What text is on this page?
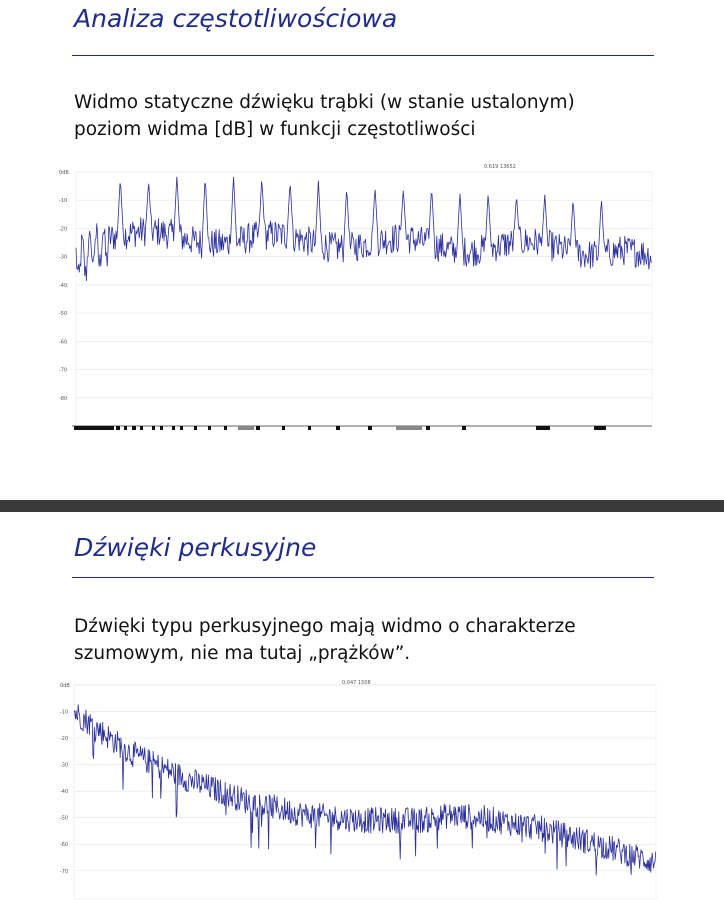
Analiza częstotliwościowa

Widmo statyczne dźwięku trąbki (w stanie ustalonym)
poziom widma [dB] w funkcji częstotliwości

0dB
-10
-20
-30
-40
-50
-60
-70
-80
0.619 13652
Dźwięki perkusyjne

Dźwięki typu perkusyjnego mają widmo o charakterze
szumowym, nie ma tutaj „prążków”.

0dB
-10
-20
-30
-40
-50
-60
-70
0.047 1508
